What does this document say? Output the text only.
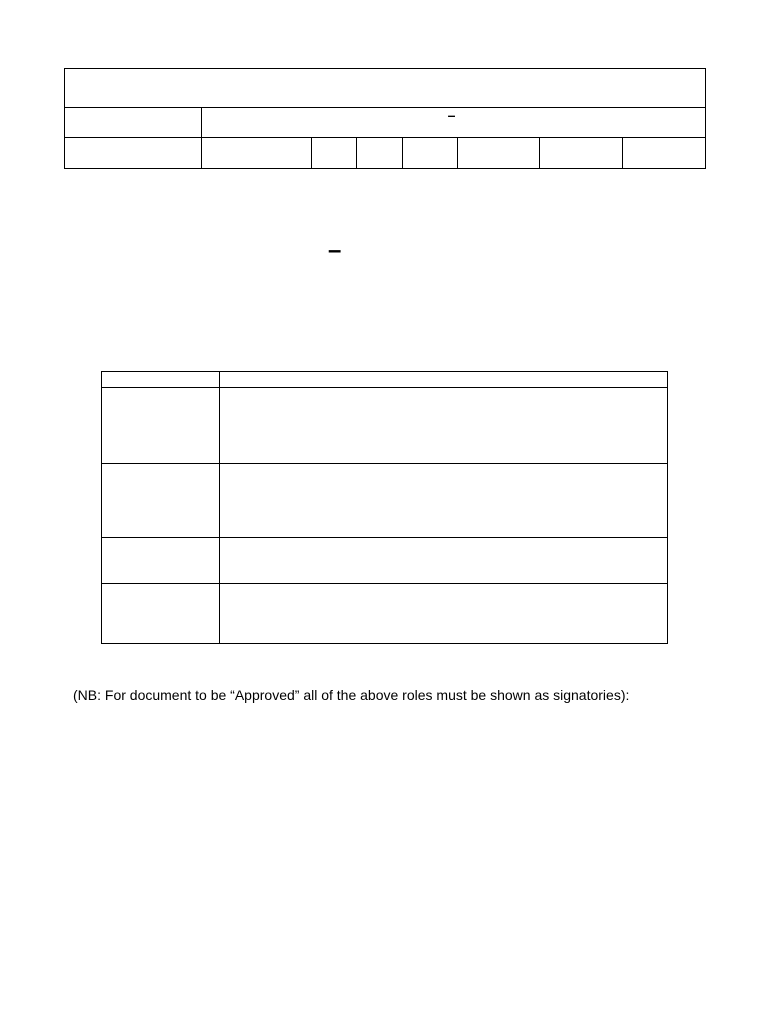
	–						

–

(NB: For document to be “Approved” all of the above roles must be shown as signatories):
